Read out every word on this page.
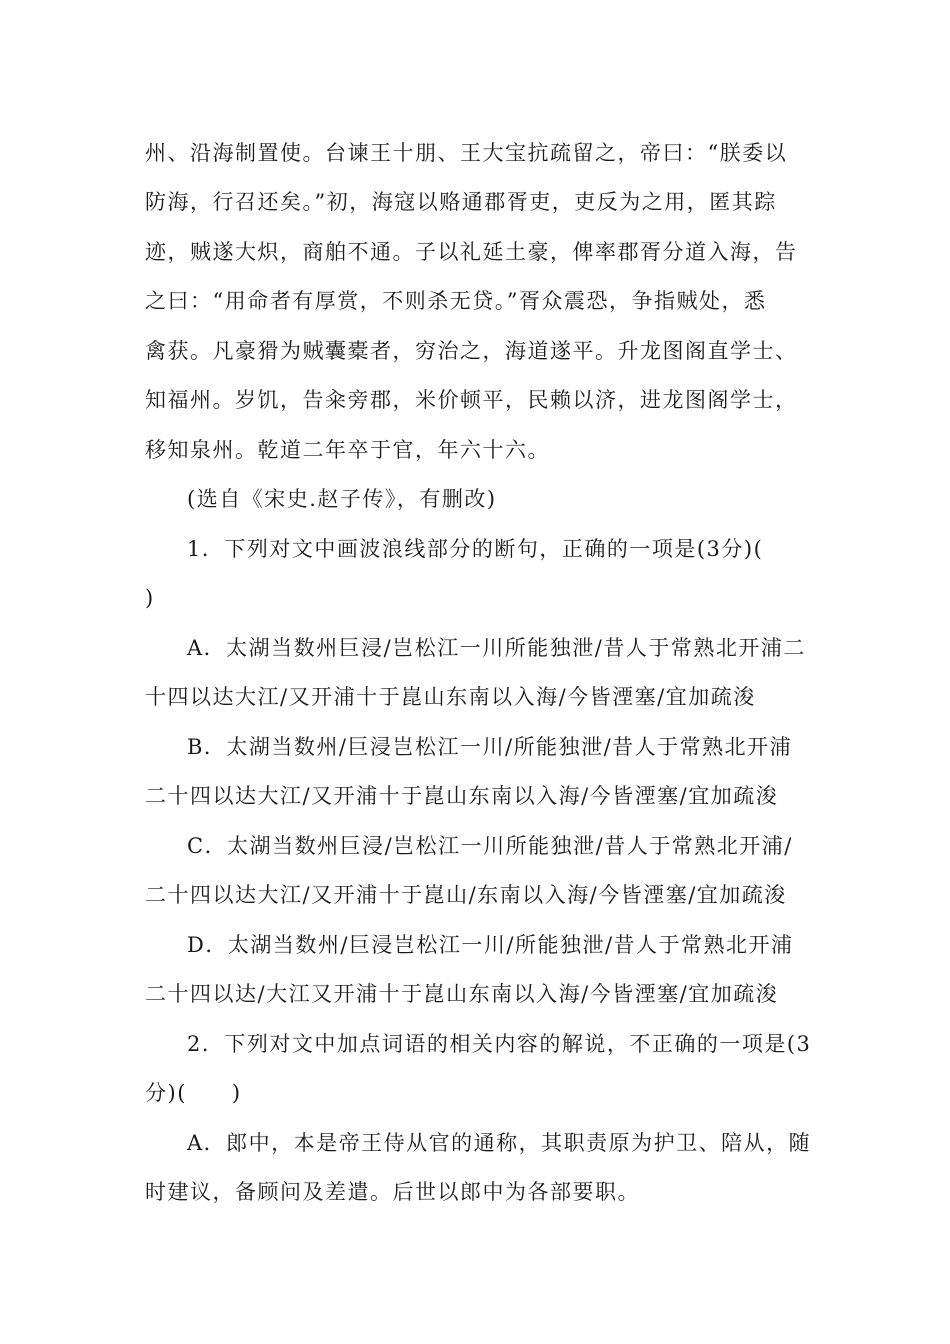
州、沿海制置使。台谏王十朋、王大宝抗疏留之，帝曰：“朕委以
防海，行召还矣。”初，海寇以赂通郡胥吏，吏反为之用，匿其踪
迹，贼遂大炽，商舶不通。子以礼延土豪，俾率郡胥分道入海，告
之曰：“用命者有厚赏，不则杀无贷。”胥众震恐，争指贼处，悉
禽获。凡豪猾为贼囊橐者，穷治之，海道遂平。升龙图阁直学士、
知福州。岁饥，告籴旁郡，米价顿平，民赖以济，进龙图阁学士，
移知泉州。乾道二年卒于官，年六十六。
(选自《宋史.赵子传》，有删改)
1．下列对文中画波浪线部分的断句，正确的一项是(3分)(
)
A．太湖当数州巨浸/岂松江一川所能独泄/昔人于常熟北开浦二
十四以达大江/又开浦十于崑山东南以入海/今皆湮塞/宜加疏浚
B．太湖当数州/巨浸岂松江一川/所能独泄/昔人于常熟北开浦
二十四以达大江/又开浦十于崑山东南以入海/今皆湮塞/宜加疏浚
C．太湖当数州巨浸/岂松江一川所能独泄/昔人于常熟北开浦/
二十四以达大江/又开浦十于崑山/东南以入海/今皆湮塞/宜加疏浚
D．太湖当数州/巨浸岂松江一川/所能独泄/昔人于常熟北开浦
二十四以达/大江又开浦十于崑山东南以入海/今皆湮塞/宜加疏浚
2．下列对文中加点词语的相关内容的解说，不正确的一项是(3
分)(　　)
A．郎中，本是帝王侍从官的通称，其职责原为护卫、陪从，随
时建议，备顾问及差遣。后世以郎中为各部要职。
